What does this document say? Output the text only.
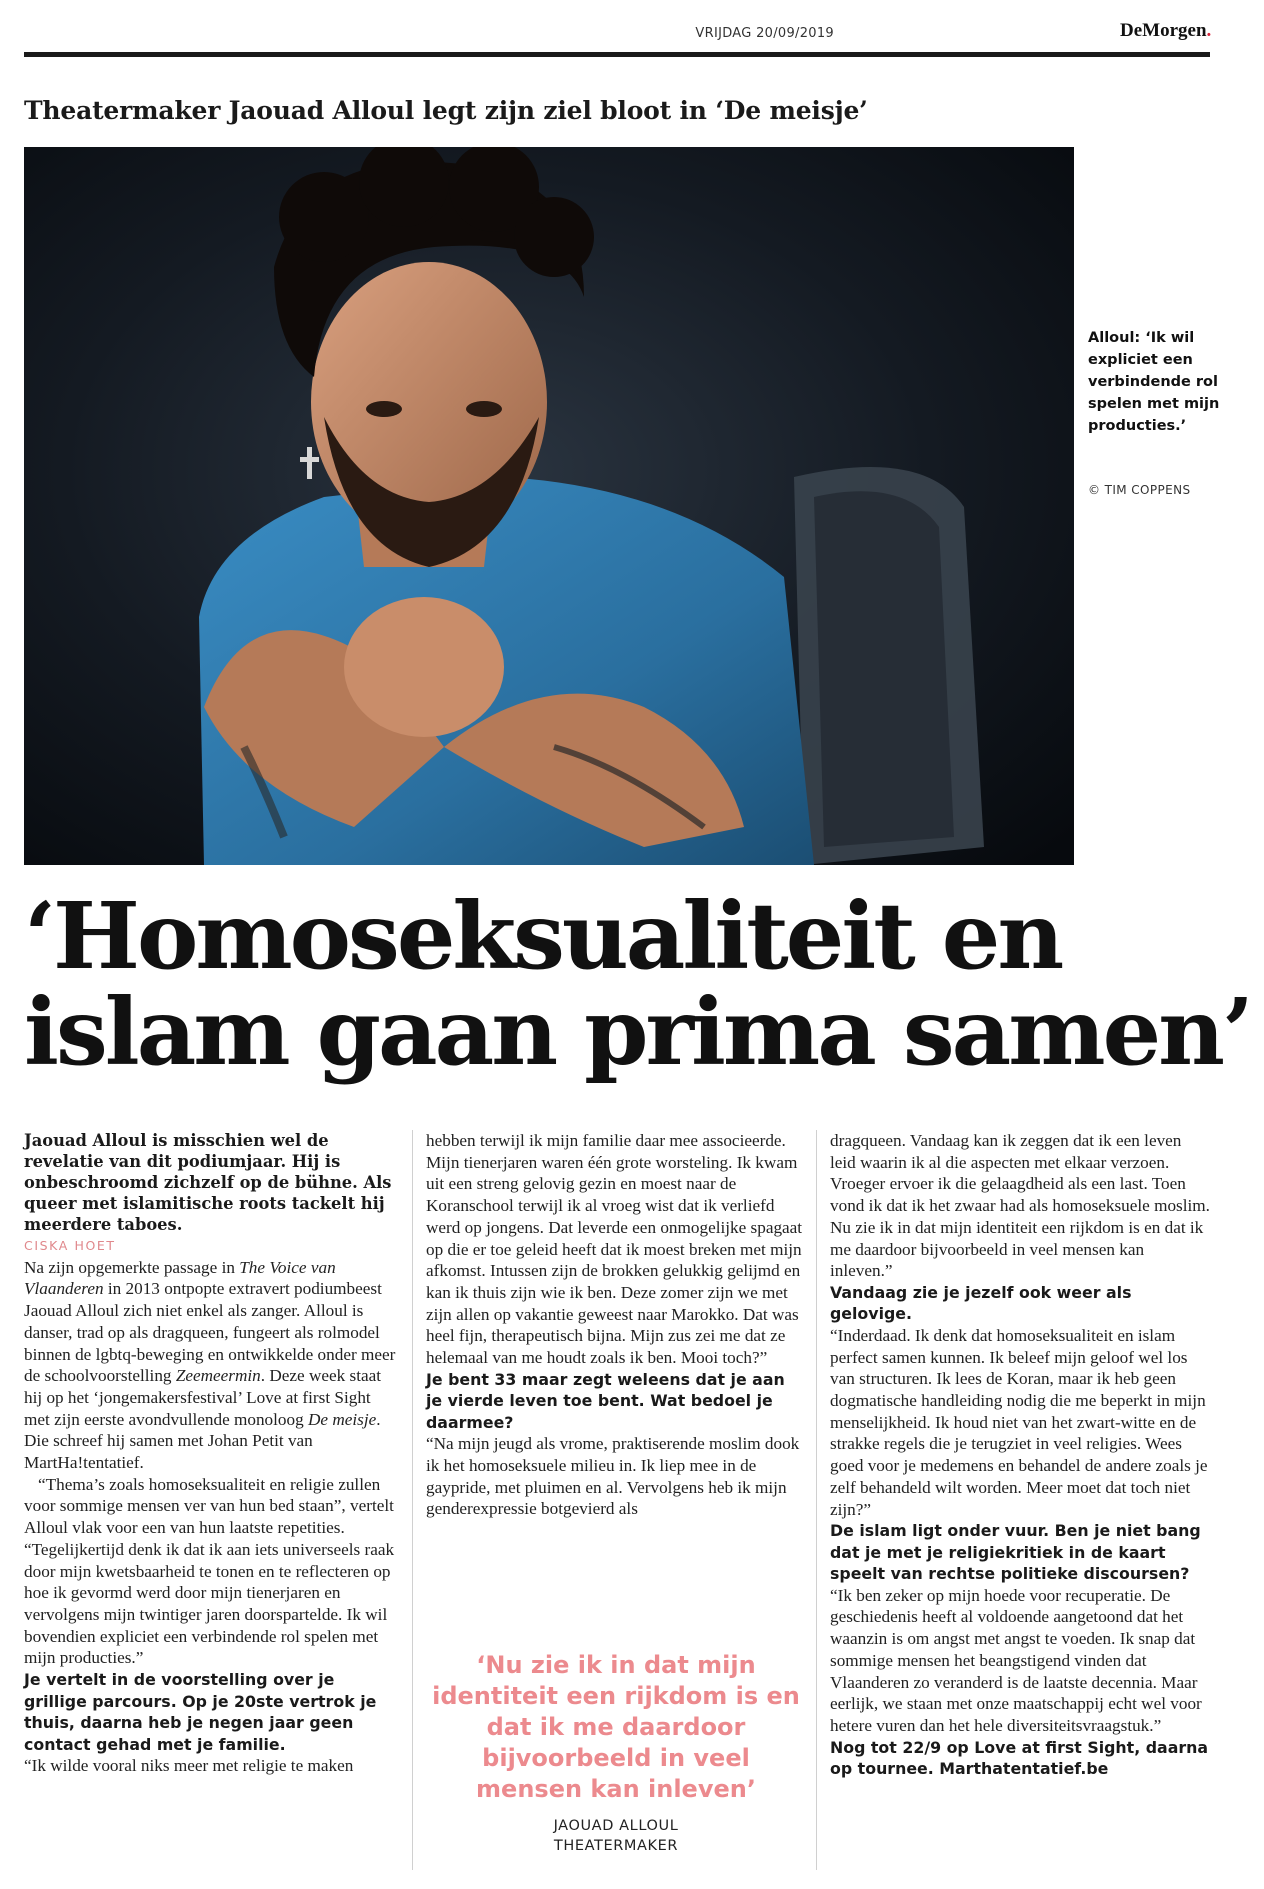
VRIJDAG 20/09/2019	DeMorgen.
Theatermaker Jaouad Alloul legt zijn ziel bloot in ‘De meisje’
Alloul: ‘Ik wil expliciet een verbindende rol spelen met mijn producties.’
© TIM COPPENS
‘Homoseksualiteit en
islam gaan prima samen’

Jaouad Alloul is misschien wel de revelatie van dit podiumjaar. Hij is onbeschroomd zichzelf op de bühne. Als queer met islamitische roots tackelt hij meerdere taboes.

CISKA HOET

Na zijn opgemerkte passage in The Voice van Vlaanderen in 2013 ontpopte extravert podiumbeest Jaouad Alloul zich niet enkel als zanger. Alloul is danser, trad op als dragqueen, fungeert als rolmodel binnen de lgbtq-beweging en ontwikkelde onder meer de schoolvoorstelling Zeemeermin. Deze week staat hij op het ‘jongemakersfestival’ Love at first Sight met zijn eerste avondvullende monoloog De meisje. Die schreef hij samen met Johan Petit van MartHa!tentatief.

“Thema’s zoals homoseksualiteit en religie zullen voor sommige mensen ver van hun bed staan”, vertelt Alloul vlak voor een van hun laatste repetities. “Tegelijkertijd denk ik dat ik aan iets universeels raak door mijn kwetsbaarheid te tonen en te reflecteren op hoe ik gevormd werd door mijn tienerjaren en vervolgens mijn twintiger jaren doorspartelde. Ik wil bovendien expliciet een verbindende rol spelen met mijn producties.”

Je vertelt in de voorstelling over je grillige parcours. Op je 20ste vertrok je thuis, daarna heb je negen jaar geen contact gehad met je familie.

“Ik wilde vooral niks meer met religie te maken

hebben terwijl ik mijn familie daar mee associeerde. Mijn tienerjaren waren één grote worsteling. Ik kwam uit een streng gelovig gezin en moest naar de Koranschool terwijl ik al vroeg wist dat ik verliefd werd op jongens. Dat leverde een onmogelijke spagaat op die er toe geleid heeft dat ik moest breken met mijn afkomst. Intussen zijn de brokken gelukkig gelijmd en kan ik thuis zijn wie ik ben. Deze zomer zijn we met zijn allen op vakantie geweest naar Marokko. Dat was heel fijn, therapeutisch bijna. Mijn zus zei me dat ze helemaal van me houdt zoals ik ben. Mooi toch?”

Je bent 33 maar zegt weleens dat je aan je vierde leven toe bent. Wat bedoel je daarmee?

“Na mijn jeugd als vrome, praktiserende moslim dook ik het homoseksuele milieu in. Ik liep mee in de gaypride, met pluimen en al. Vervolgens heb ik mijn genderexpressie botgevierd als

‘Nu zie ik in dat mijn identiteit een rijkdom is en dat ik me daardoor bijvoorbeeld in veel mensen kan inleven’
JAOUAD ALLOUL
THEATERMAKER

dragqueen. Vandaag kan ik zeggen dat ik een leven leid waarin ik al die aspecten met elkaar verzoen. Vroeger ervoer ik die gelaagdheid als een last. Toen vond ik dat ik het zwaar had als homoseksuele moslim. Nu zie ik in dat mijn identiteit een rijkdom is en dat ik me daardoor bijvoorbeeld in veel mensen kan inleven.”

Vandaag zie je jezelf ook weer als gelovige.

“Inderdaad. Ik denk dat homoseksualiteit en islam perfect samen kunnen. Ik beleef mijn geloof wel los van structuren. Ik lees de Koran, maar ik heb geen dogmatische handleiding nodig die me beperkt in mijn menselijkheid. Ik houd niet van het zwart-witte en de strakke regels die je terugziet in veel religies. Wees goed voor je medemens en behandel de andere zoals je zelf behandeld wilt worden. Meer moet dat toch niet zijn?”

De islam ligt onder vuur. Ben je niet bang dat je met je religiekritiek in de kaart speelt van rechtse politieke discoursen?

“Ik ben zeker op mijn hoede voor recuperatie. De geschiedenis heeft al voldoende aangetoond dat het waanzin is om angst met angst te voeden. Ik snap dat sommige mensen het beangstigend vinden dat Vlaanderen zo veranderd is de laatste decennia. Maar eerlijk, we staan met onze maatschappij echt wel voor hetere vuren dan het hele diversiteitsvraagstuk.”

Nog tot 22/9 op Love at first Sight, daarna op tournee. Marthatentatief.be
